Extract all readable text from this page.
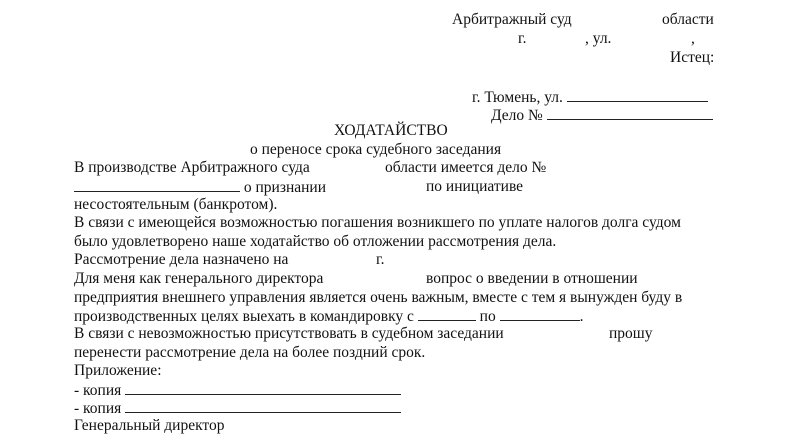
Арбитражный суд	области
г.	, ул.	,
Истец:
г. Тюмень, ул.
Дело №
ХОДАТАЙСТВО
о переносе срока судебного заседания
В производстве Арбитражного суда	области имеется дело №
о признании	по инициативе
несостоятельным (банкротом).
В связи с имеющейся возможностью погашения возникшего по уплате налогов долга судом
было удовлетворено наше ходатайство об отложении рассмотрения дела.
Рассмотрение дела назначено на	г.
Для меня как генерального директора	вопрос о введении в отношении
предприятия внешнего управления является очень важным, вместе с тем я вынужден буду в
производственных целях выехать в командировку с	по	.
В связи с невозможностью присутствовать в судебном заседании	прошу
перенести рассмотрение дела на более поздний срок.
Приложение:
- копия
- копия
Генеральный директор
